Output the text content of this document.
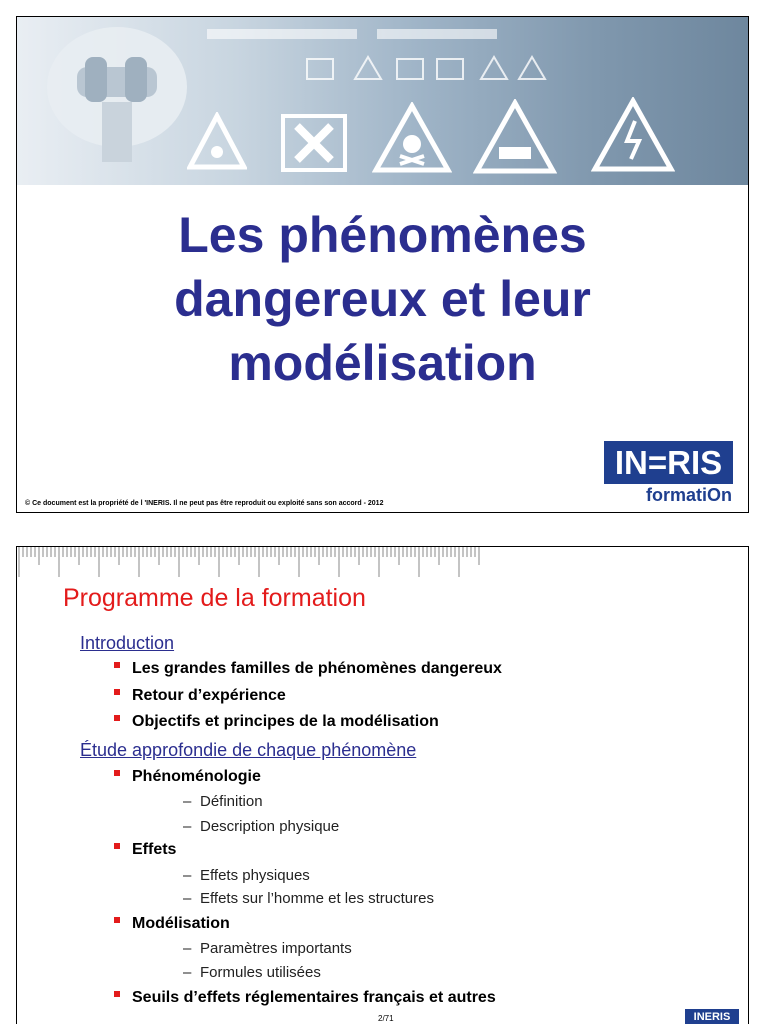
Les phénomènes
dangereux et leur
modélisation
IN=RIS
formatiOn
© Ce document est la propriété de l 'INERIS. Il ne peut pas être reproduit ou exploité sans son accord - 2012
Programme de la formation
Introduction
Les grandes familles de phénomènes dangereux
Retour d’expérience
Objectifs et principes de la modélisation
Étude approfondie de chaque phénomène
Phénoménologie
– Définition
– Description physique
Effets
– Effets physiques
– Effets sur l’homme et les structures
Modélisation
– Paramètres importants
– Formules utilisées
Seuils d’effets réglementaires français et autres
2/71	INERIS
